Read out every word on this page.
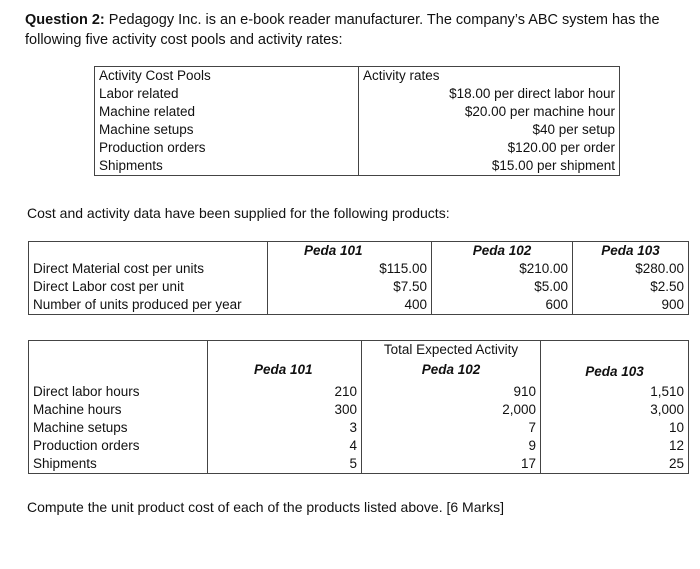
Question 2: Pedagogy Inc. is an e-book reader manufacturer. The company’s ABC system has the following five activity cost pools and activity rates:
Activity Cost Pools	Activity rates
Labor related	$18.00 per direct labor hour
Machine related	$20.00 per machine hour
Machine setups	$40 per setup
Production orders	$120.00 per order
Shipments	$15.00 per shipment
Cost and activity data have been supplied for the following products:
	Peda 101	Peda 102	Peda 103
Direct Material cost per units	$115.00	$210.00	$280.00
Direct Labor cost per unit	$7.50	$5.00	$2.50
Number of units produced per year	400	600	900
		Total Expected Activity	
	Peda 101	Peda 102	Peda 103
Direct labor hours	210	910	1,510
Machine hours	300	2,000	3,000
Machine setups	3	7	10
Production orders	4	9	12
Shipments	5	17	25
Compute the unit product cost of each of the products listed above. [6 Marks]
